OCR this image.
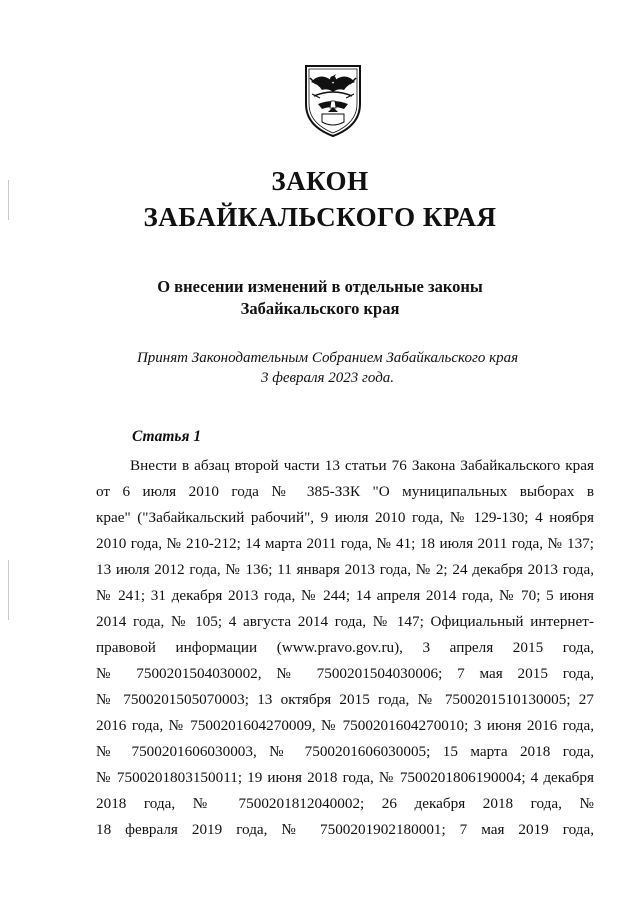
ЗАКОН
ЗАБАЙКАЛЬСКОГО КРАЯ
О внесении изменений в отдельные законы
Забайкальского края
Принят Законодательным Собранием Забайкальского края
3 февраля 2023 года.
Статья 1
Внести в абзац второй части 13 статьи 76 Закона Забайкальского края
от 6 июля 2010 года № 385-ЗЗК "О муниципальных выборах в
крае" ("Забайкальский рабочий", 9 июля 2010 года, № 129-130; 4 ноября
2010 года, № 210-212; 14 марта 2011 года, № 41; 18 июля 2011 года, № 137;
13 июля 2012 года, № 136; 11 января 2013 года, № 2; 24 декабря 2013 года,
№ 241; 31 декабря 2013 года, № 244; 14 апреля 2014 года, № 70; 5 июня
2014 года, № 105; 4 августа 2014 года, № 147; Официальный интернет-
правовой информации (www.pravo.gov.ru), 3 апреля 2015 года,
№ 7500201504030002, № 7500201504030006; 7 мая 2015 года,
№ 7500201505070003; 13 октября 2015 года, № 7500201510130005; 27
2016 года, № 7500201604270009, № 7500201604270010; 3 июня 2016 года,
№ 7500201606030003, № 7500201606030005; 15 марта 2018 года,
№ 7500201803150011; 19 июня 2018 года, № 7500201806190004; 4 декабря
2018 года, № 7500201812040002; 26 декабря 2018 года, №
18 февраля 2019 года, № 7500201902180001; 7 мая 2019 года,
